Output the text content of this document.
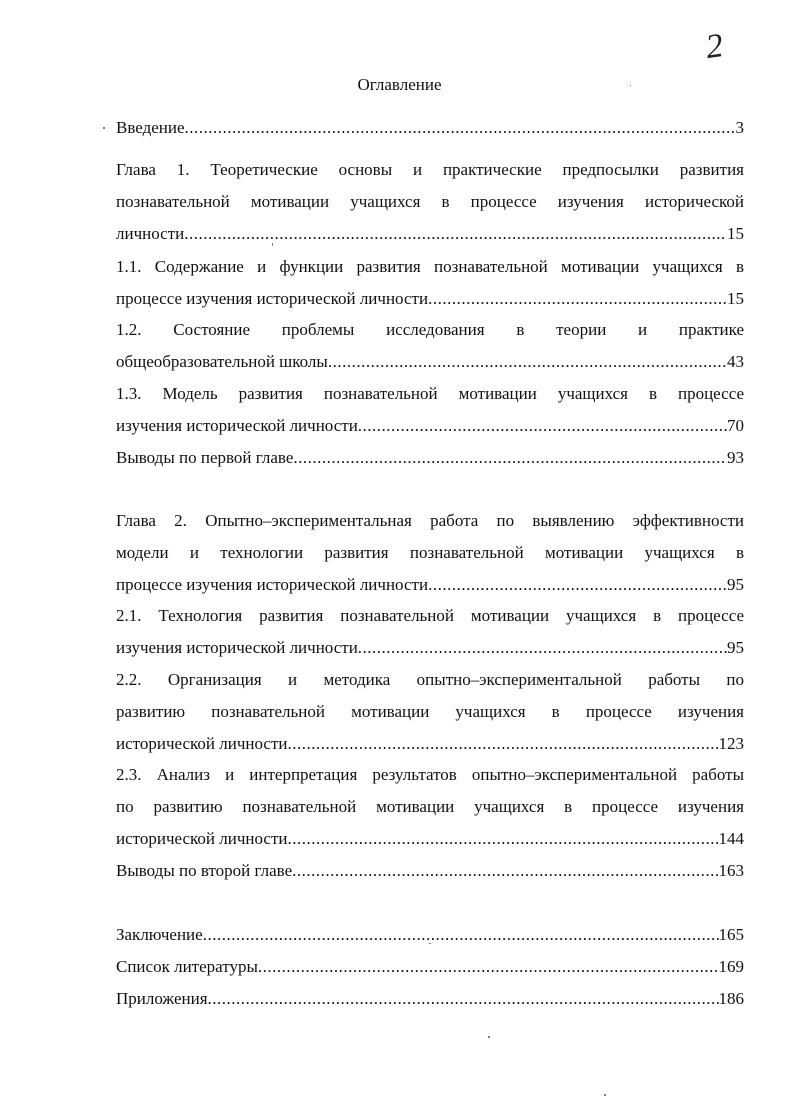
2
Оглавление
Введение .....	3
Глава 1. Теоретические основы и практические предпосылки развития
познавательной мотивации учащихся в процессе изучения исторической
личности .....	15
1.1. Содержание и функции развития познавательной мотивации учащихся в
процессе изучения исторической личности .....	15
1.2. Состояние проблемы исследования в теории и практике
общеобразовательной школы .....	43
1.3. Модель развития познавательной мотивации учащихся в процессе
изучения исторической личности .....	70
Выводы по первой главе .....	93
Глава 2. Опытно–экспериментальная работа по выявлению эффективности
модели и технологии развития познавательной мотивации учащихся в
процессе изучения исторической личности .....	95
2.1. Технология развития познавательной мотивации учащихся в процессе
изучения исторической личности .....	95
2.2. Организация и методика опытно–экспериментальной работы по
развитию познавательной мотивации учащихся в процессе изучения
исторической личности .....	123
2.3. Анализ и интерпретация результатов опытно–экспериментальной работы
по развитию познавательной мотивации учащихся в процессе изучения
исторической личности .....	144
Выводы по второй главе .....	163
Заключение .....	165
Список литературы .....	169
Приложения .....	186
